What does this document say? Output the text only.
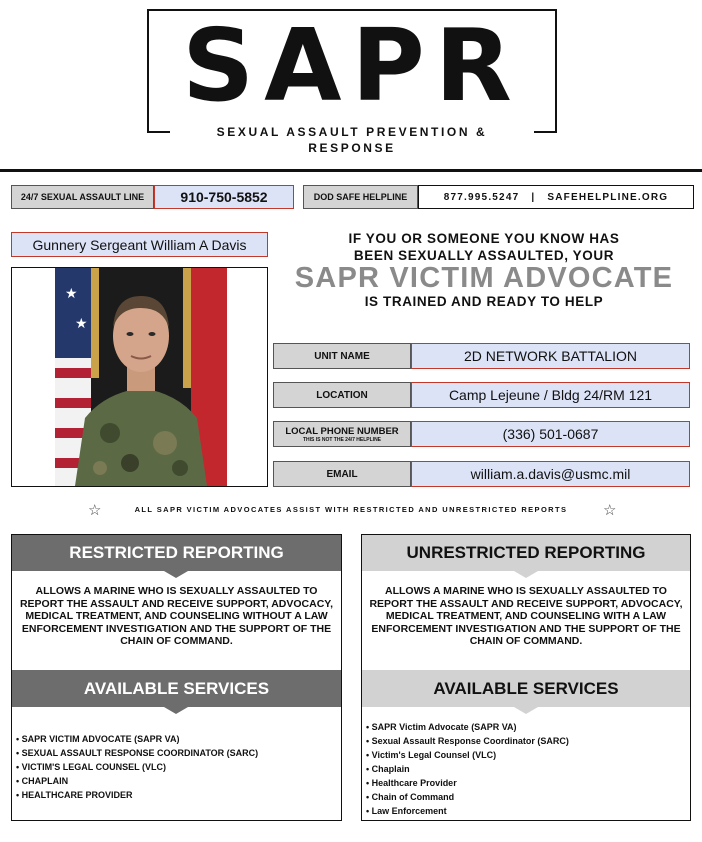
SAPR
SEXUAL ASSAULT PREVENTION & RESPONSE
24/7 SEXUAL ASSAULT LINE	910-750-5852	DOD SAFE HELPLINE	877.995.5247 | SAFEHELPLINE.ORG
Gunnery Sergeant William A Davis
★
★
IF YOU OR SOMEONE YOU KNOW HAS
BEEN SEXUALLY ASSAULTED, YOUR
SAPR VICTIM ADVOCATE
IS TRAINED AND READY TO HELP
UNIT NAME	2D NETWORK BATTALION
LOCATION	Camp Lejeune / Bldg 24/RM 121
LOCAL PHONE NUMBER
THIS IS NOT THE 24/7 HELPLINE	(336) 501-0687
EMAIL	william.a.davis@usmc.mil
☆	ALL SAPR VICTIM ADVOCATES ASSIST WITH RESTRICTED AND UNRESTRICTED REPORTS	☆
RESTRICTED REPORTING
ALLOWS A MARINE WHO IS SEXUALLY ASSAULTED TO REPORT THE ASSAULT AND RECEIVE SUPPORT, ADVOCACY, MEDICAL TREATMENT, AND COUNSELING WITHOUT A LAW ENFORCEMENT INVESTIGATION AND THE SUPPORT OF THE CHAIN OF COMMAND.
AVAILABLE SERVICES
• SAPR VICTIM ADVOCATE (SAPR VA)
• SEXUAL ASSAULT RESPONSE COORDINATOR (SARC)
• VICTIM'S LEGAL COUNSEL (VLC)
• CHAPLAIN
• HEALTHCARE PROVIDER
UNRESTRICTED REPORTING
ALLOWS A MARINE WHO IS SEXUALLY ASSAULTED TO REPORT THE ASSAULT AND RECEIVE SUPPORT, ADVOCACY, MEDICAL TREATMENT, AND COUNSELING WITH A LAW ENFORCEMENT INVESTIGATION AND THE SUPPORT OF THE CHAIN OF COMMAND.
AVAILABLE SERVICES
• SAPR Victim Advocate (SAPR VA)
• Sexual Assault Response Coordinator (SARC)
• Victim's Legal Counsel (VLC)
• Chaplain
• Healthcare Provider
• Chain of Command
• Law Enforcement
